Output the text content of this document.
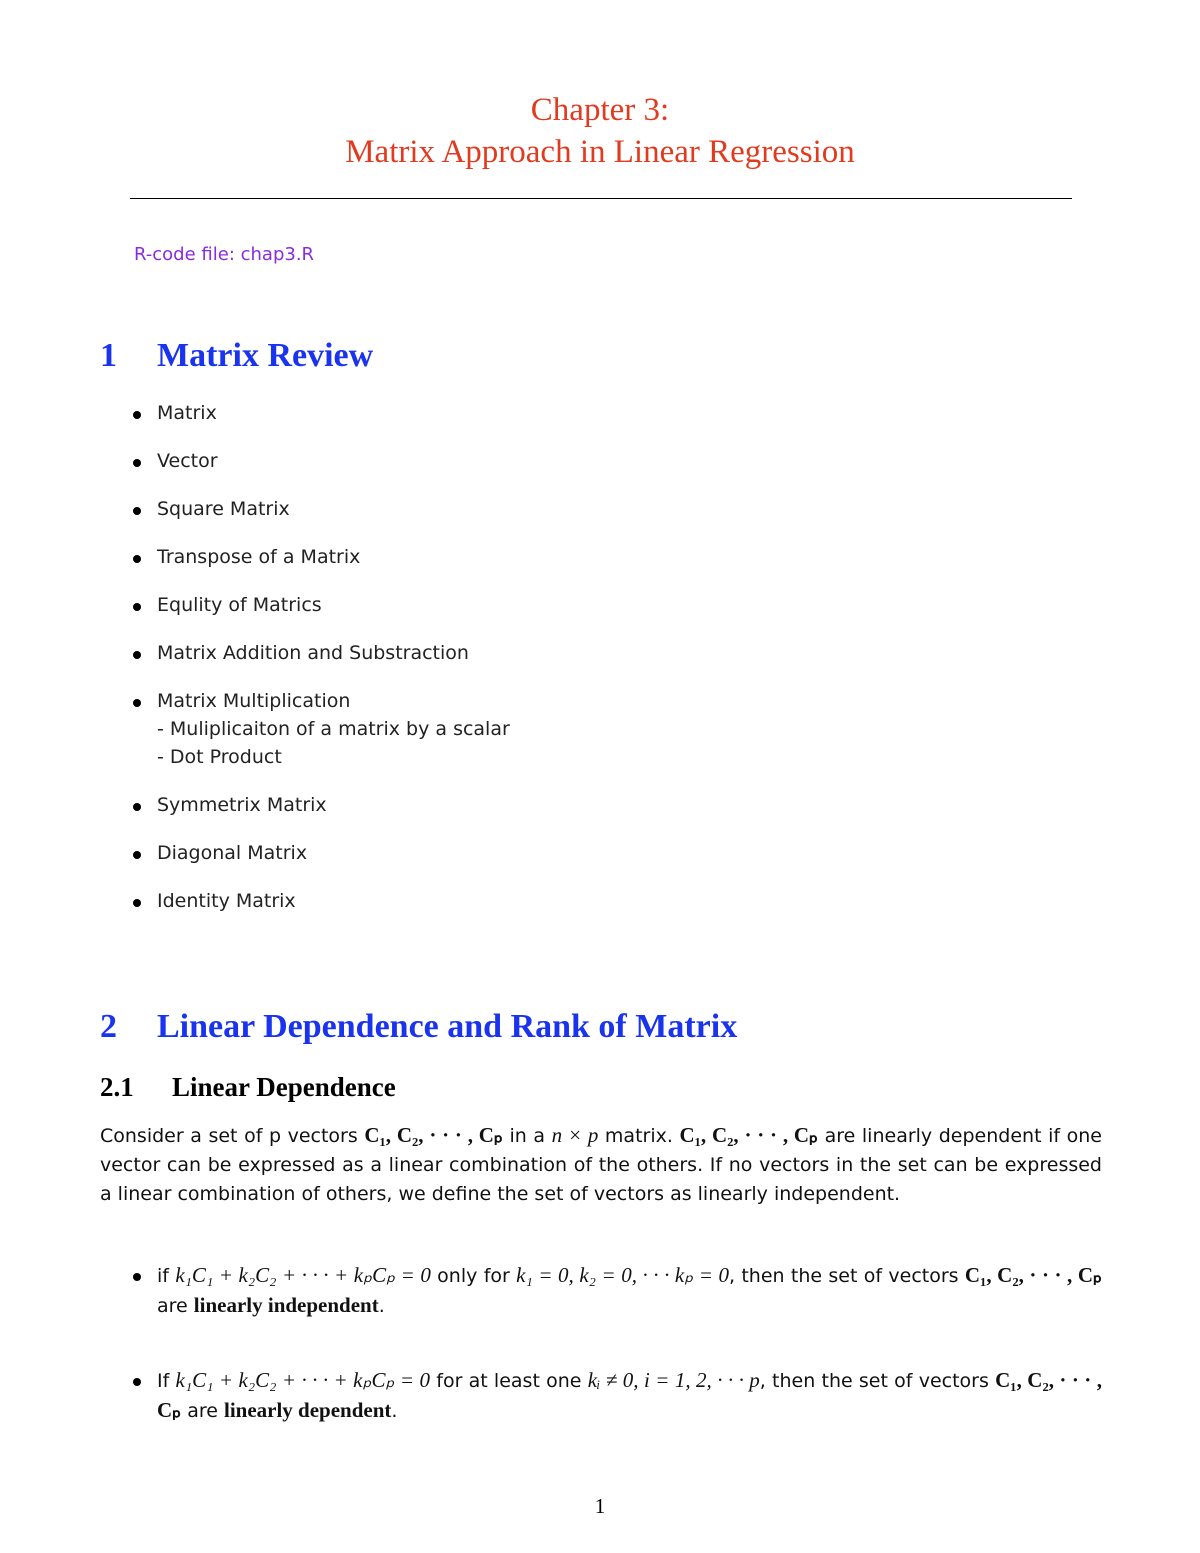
Chapter 3:
Matrix Approach in Linear Regression
R-code file: chap3.R
1 Matrix Review
Matrix
Vector
Square Matrix
Transpose of a Matrix
Equlity of Matrics
Matrix Addition and Substraction
Matrix Multiplication
- Muliplicaiton of a matrix by a scalar
- Dot Product
Symmetrix Matrix
Diagonal Matrix
Identity Matrix
2 Linear Dependence and Rank of Matrix
2.1 Linear Dependence
Consider a set of p vectors C₁, C₂, · · · , Cₚ in a n × p matrix. C₁, C₂, · · · , Cₚ are linearly dependent if one vector can be expressed as a linear combination of the others. If no vectors in the set can be expressed a linear combination of others, we define the set of vectors as linearly independent.
if k₁C₁ + k₂C₂ + · · · + kₚCₚ = 0 only for k₁ = 0, k₂ = 0, · · · kₚ = 0, then the set of vectors C₁, C₂, · · · , Cₚ are linearly independent.
If k₁C₁ + k₂C₂ + · · · + kₚCₚ = 0 for at least one kᵢ ≠ 0, i = 1, 2, · · · p, then the set of vectors C₁, C₂, · · · , Cₚ are linearly dependent.
1
